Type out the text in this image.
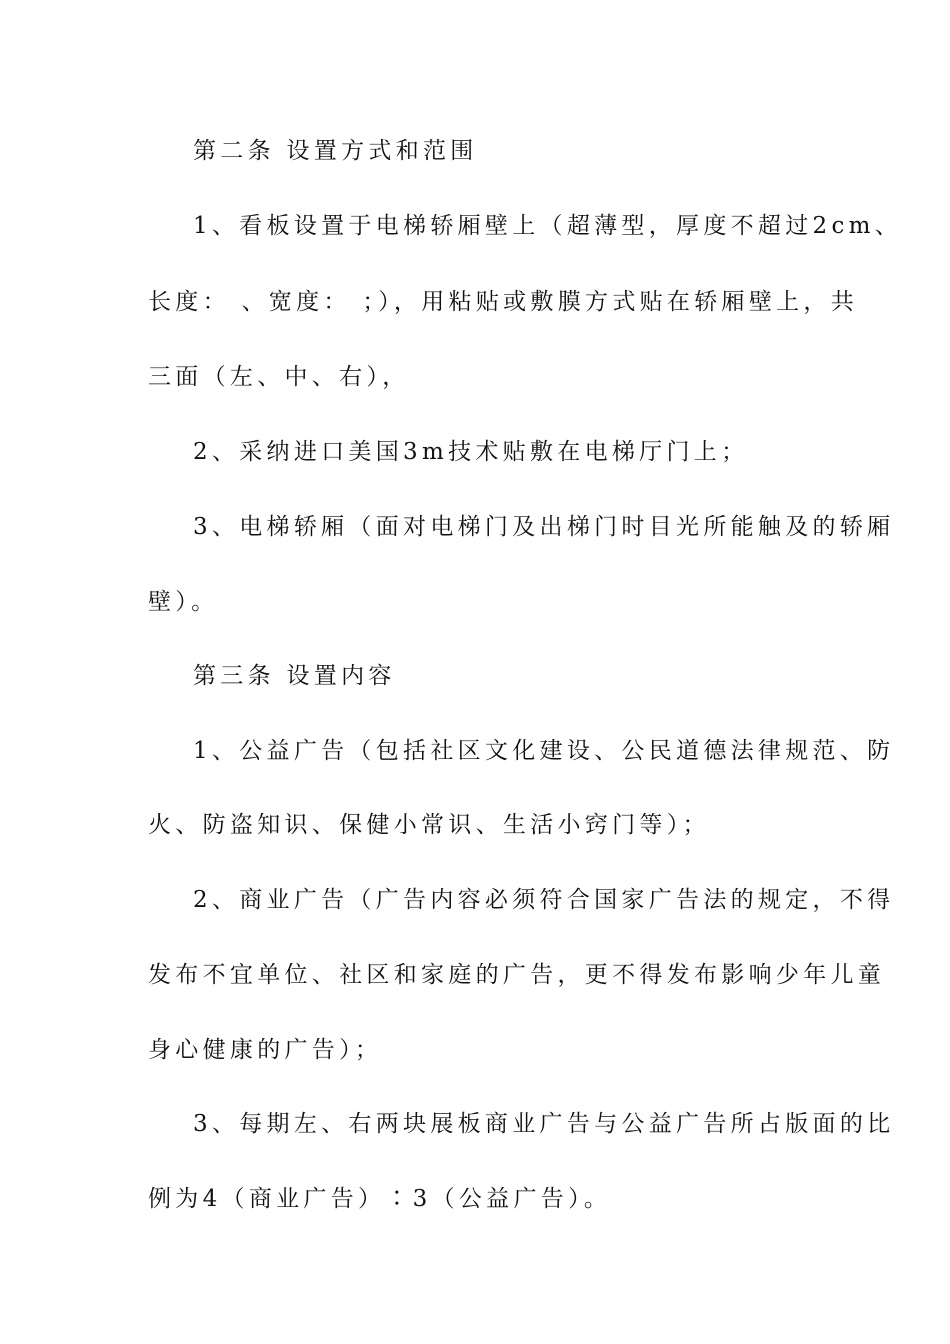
第二条 设置方式和范围

1、看板设置于电梯轿厢壁上（超薄型，厚度不超过2cm、

长度： 、宽度： ；），用粘贴或敷膜方式贴在轿厢壁上，共

三面（左、中、右），

2、采纳进口美国3m技术贴敷在电梯厅门上；

3、电梯轿厢（面对电梯门及出梯门时目光所能触及的轿厢

壁）。

第三条 设置内容

1、公益广告（包括社区文化建设、公民道德法律规范、防

火、防盗知识、保健小常识、生活小窍门等）；

2、商业广告（广告内容必须符合国家广告法的规定，不得

发布不宜单位、社区和家庭的广告，更不得发布影响少年儿童

身心健康的广告）；

3、每期左、右两块展板商业广告与公益广告所占版面的比

例为4（商业广告）∶3（公益广告）。
